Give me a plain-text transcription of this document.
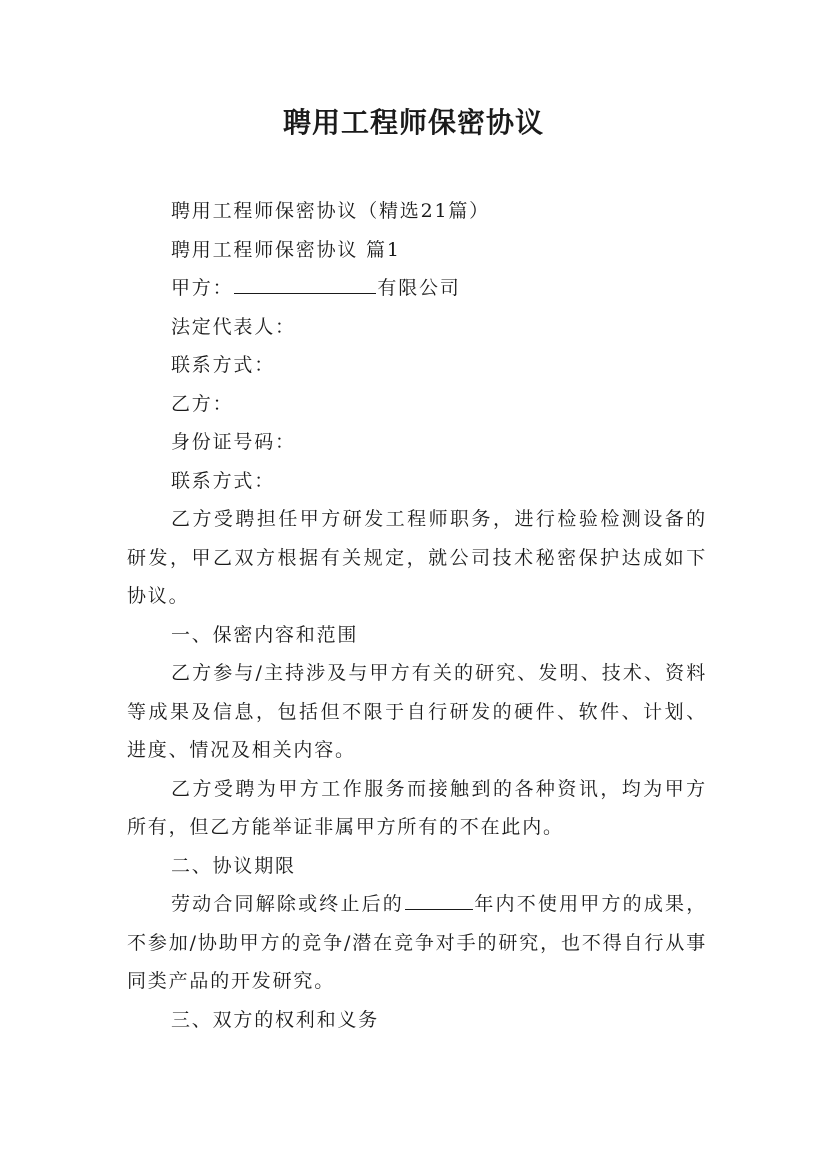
聘用工程师保密协议

聘用工程师保密协议（精选21篇）

聘用工程师保密协议 篇1

甲方：	有限公司

法定代表人：

联系方式：

乙方：

身份证号码：

联系方式：

乙方受聘担任甲方研发工程师职务，进行检验检测设备的研发，甲乙双方根据有关规定，就公司技术秘密保护达成如下协议。

一、保密内容和范围

乙方参与/主持涉及与甲方有关的研究、发明、技术、资料等成果及信息，包括但不限于自行研发的硬件、软件、计划、进度、情况及相关内容。

乙方受聘为甲方工作服务而接触到的各种资讯，均为甲方所有，但乙方能举证非属甲方所有的不在此内。

二、协议期限

劳动合同解除或终止后的	年内不使用甲方的成果，不参加/协助甲方的竞争/潜在竞争对手的研究，也不得自行从事同类产品的开发研究。

三、双方的权利和义务
